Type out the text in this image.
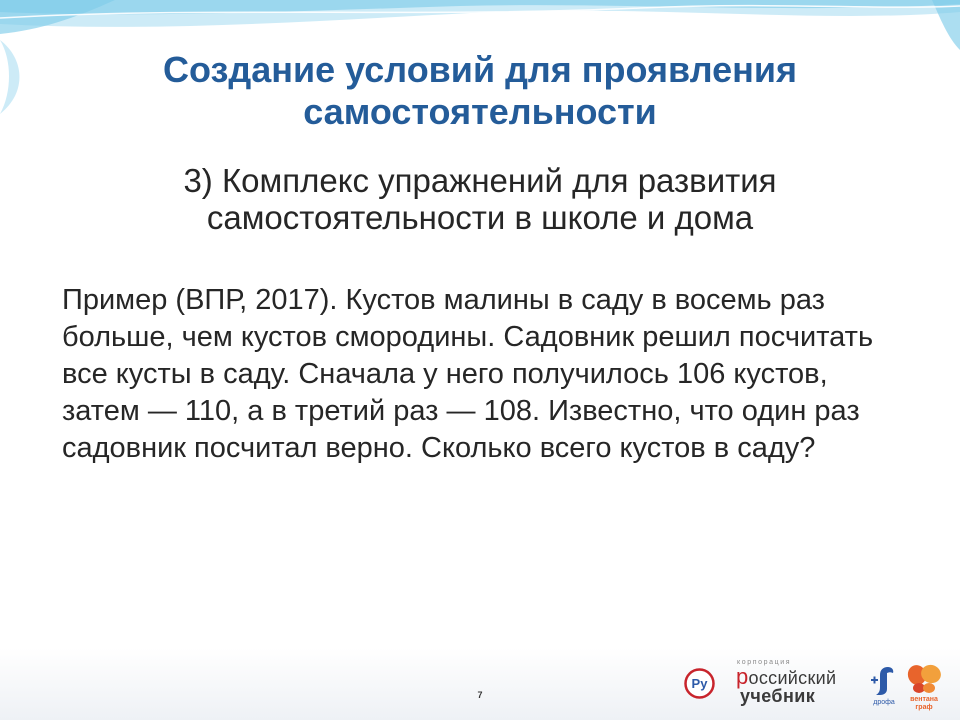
Создание условий для проявления
самостоятельности
3) Комплекс упражнений для развития
самостоятельности в школе и дома
Пример (ВПР, 2017). Кустов малины в саду в восемь раз
больше, чем кустов смородины. Садовник решил посчитать
все кусты в саду. Сначала у него получилось 106 кустов,
затем — 110, а в третий раз — 108. Известно, что один раз
садовник посчитал верно. Сколько всего кустов в саду?
7
Ру
корпорация
российский
учебник	дрофа	вентана
граф
